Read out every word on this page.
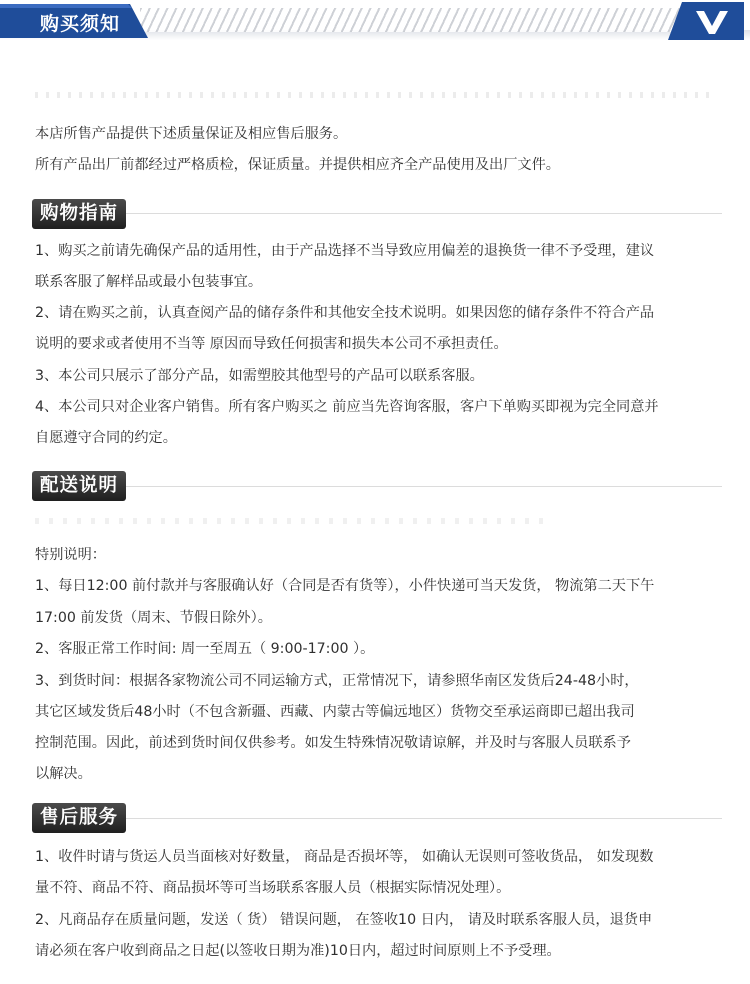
购买须知
本店所售产品提供下述质量保证及相应售后服务。
所有产品出厂前都经过严格质检，保证质量。并提供相应齐全产品使用及出厂文件。
购物指南
1、购买之前请先确保产品的适用性，由于产品选择不当导致应用偏差的退换货一律不予受理，建议
联系客服了解样品或最小包装事宜。
2、请在购买之前，认真查阅产品的储存条件和其他安全技术说明。如果因您的储存条件不符合产品
说明的要求或者使用不当等 原因而导致任何损害和损失本公司不承担责任。
3、本公司只展示了部分产品，如需塑胶其他型号的产品可以联系客服。
4、本公司只对企业客户销售。所有客户购买之 前应当先咨询客服，客户下单购买即视为完全同意并
自愿遵守合同的约定。
配送说明
特别说明：
1、每日12:00 前付款并与客服确认好（合同是否有货等），小件快递可当天发货， 物流第二天下午
17:00 前发货（周末、节假日除外）。
2、客服正常工作时间: 周一至周五（ 9:00-17:00 ）。
3、到货时间：根据各家物流公司不同运输方式，正常情况下，请参照华南区发货后24-48小时，
其它区域发货后48小时（不包含新疆、西藏、内蒙古等偏远地区）货物交至承运商即已超出我司
控制范围。因此，前述到货时间仅供参考。如发生特殊情况敬请谅解，并及时与客服人员联系予
以解决。
售后服务
1、收件时请与货运人员当面核对好数量， 商品是否损坏等， 如确认无误则可签收货品， 如发现数
量不符、商品不符、商品损坏等可当场联系客服人员（根据实际情况处理）。
2、凡商品存在质量问题，发送（ 货） 错误问题， 在签收10 日内， 请及时联系客服人员，退货申
请必须在客户收到商品之日起(以签收日期为准)10日内，超过时间原则上不予受理。
